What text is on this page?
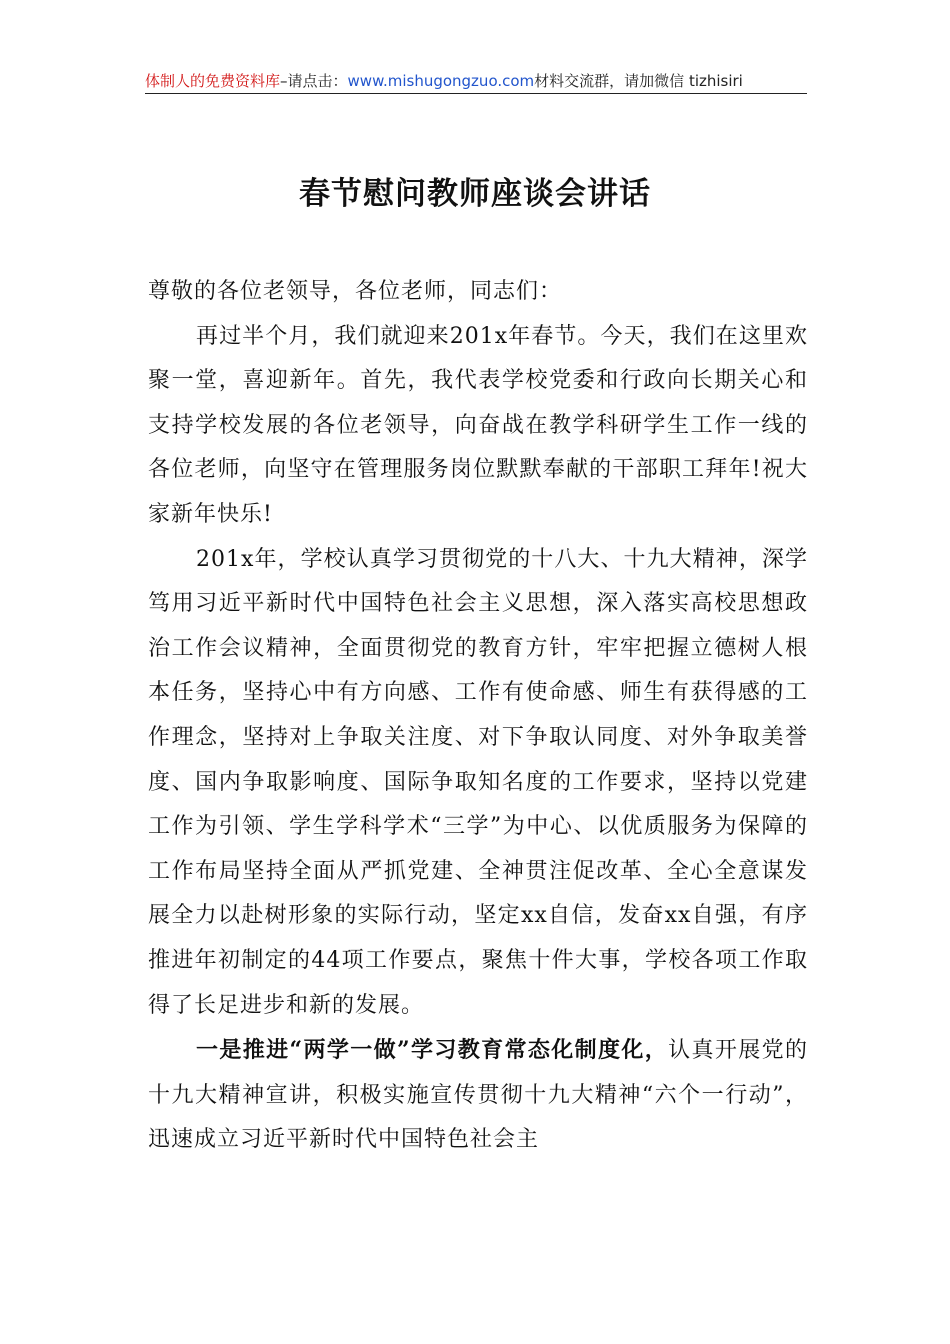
体制人的免费资料库–请点击：www.mishugongzuo.com材料交流群，请加微信 tizhisiri
春节慰问教师座谈会讲话

尊敬的各位老领导，各位老师，同志们：

再过半个月，我们就迎来201x年春节。今天，我们在这里欢聚一堂，喜迎新年。首先，我代表学校党委和行政向长期关心和支持学校发展的各位老领导，向奋战在教学科研学生工作一线的各位老师，向坚守在管理服务岗位默默奉献的干部职工拜年!祝大家新年快乐!

201x年，学校认真学习贯彻党的十八大、十九大精神，深学笃用习近平新时代中国特色社会主义思想，深入落实高校思想政治工作会议精神，全面贯彻党的教育方针，牢牢把握立德树人根本任务，坚持心中有方向感、工作有使命感、师生有获得感的工作理念，坚持对上争取关注度、对下争取认同度、对外争取美誉度、国内争取影响度、国际争取知名度的工作要求，坚持以党建工作为引领、学生学科学术“三学”为中心、以优质服务为保障的工作布局坚持全面从严抓党建、全神贯注促改革、全心全意谋发展全力以赴树形象的实际行动，坚定xx自信，发奋xx自强，有序推进年初制定的44项工作要点，聚焦十件大事，学校各项工作取得了长足进步和新的发展。

一是推进“两学一做”学习教育常态化制度化，认真开展党的十九大精神宣讲，积极实施宣传贯彻十九大精神“六个一行动”，迅速成立习近平新时代中国特色社会主
